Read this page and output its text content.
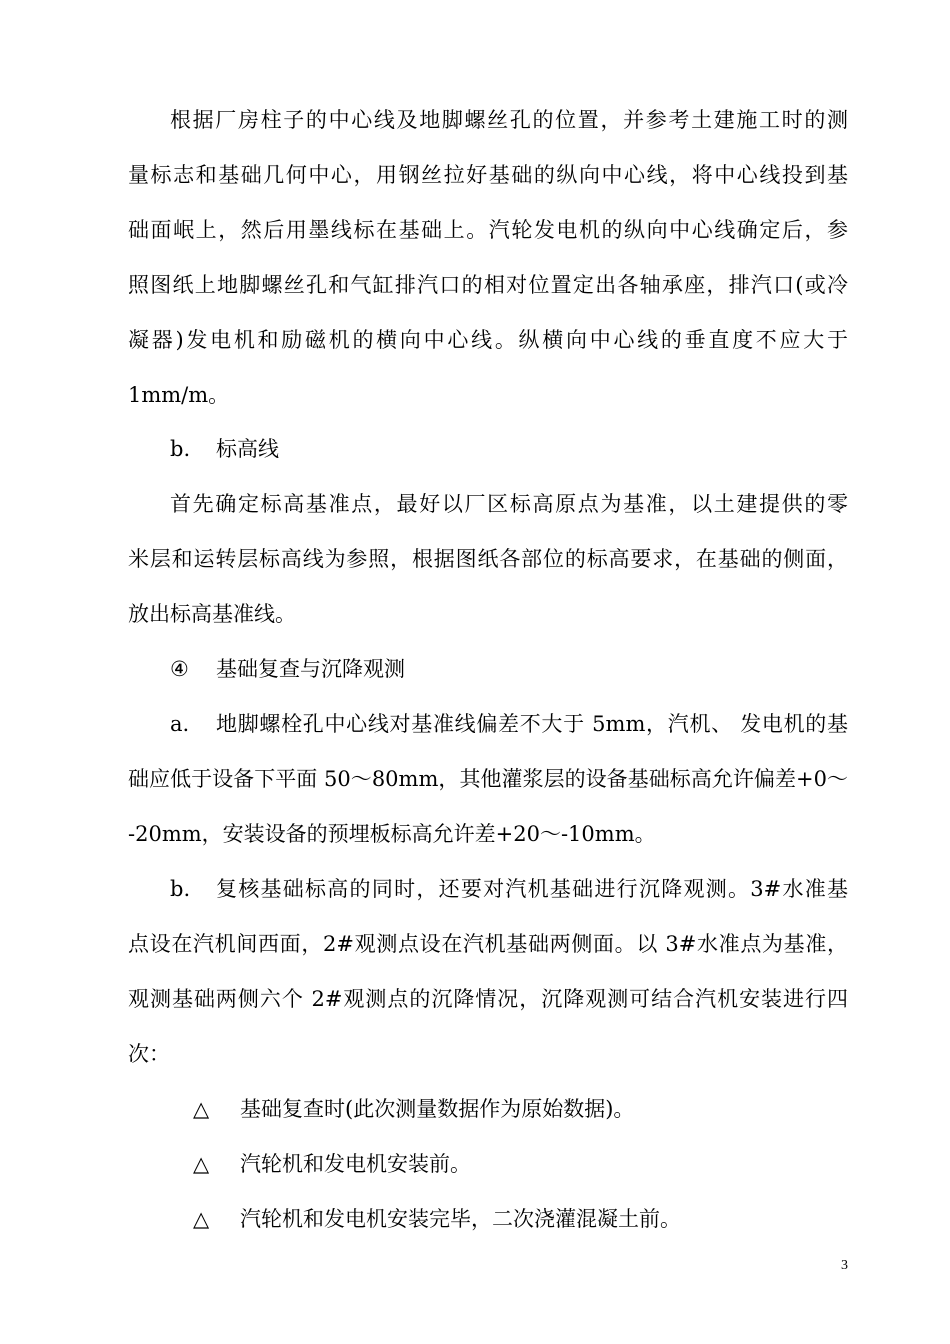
根据厂房柱子的中心线及地脚螺丝孔的位置，并参考土建施工时的测
量标志和基础几何中心，用钢丝拉好基础的纵向中心线，将中心线投到基
础面岷上，然后用墨线标在基础上。汽轮发电机的纵向中心线确定后，参
照图纸上地脚螺丝孔和气缸排汽口的相对位置定出各轴承座，排汽口(或冷
凝器)发电机和励磁机的横向中心线。纵横向中心线的垂直度不应大于
1mm/m。
b. 标高线
首先确定标高基准点，最好以厂区标高原点为基准，以土建提供的零
米层和运转层标高线为参照，根据图纸各部位的标高要求，在基础的侧面，
放出标高基准线。
④ 基础复查与沉降观测
a. 地脚螺栓孔中心线对基准线偏差不大于 5mm，汽机、 发电机的基
础应低于设备下平面 50～80mm，其他灌浆层的设备基础标高允许偏差+0～
-20mm，安装设备的预埋板标高允许差+20～-10mm。
b. 复核基础标高的同时，还要对汽机基础进行沉降观测。3#水准基
点设在汽机间西面，2#观测点设在汽机基础两侧面。以 3#水准点为基准，
观测基础两侧六个 2#观测点的沉降情况，沉降观测可结合汽机安装进行四
次：
△ 基础复查时(此次测量数据作为原始数据)。
△ 汽轮机和发电机安装前。
△ 汽轮机和发电机安装完毕，二次浇灌混凝土前。
3
